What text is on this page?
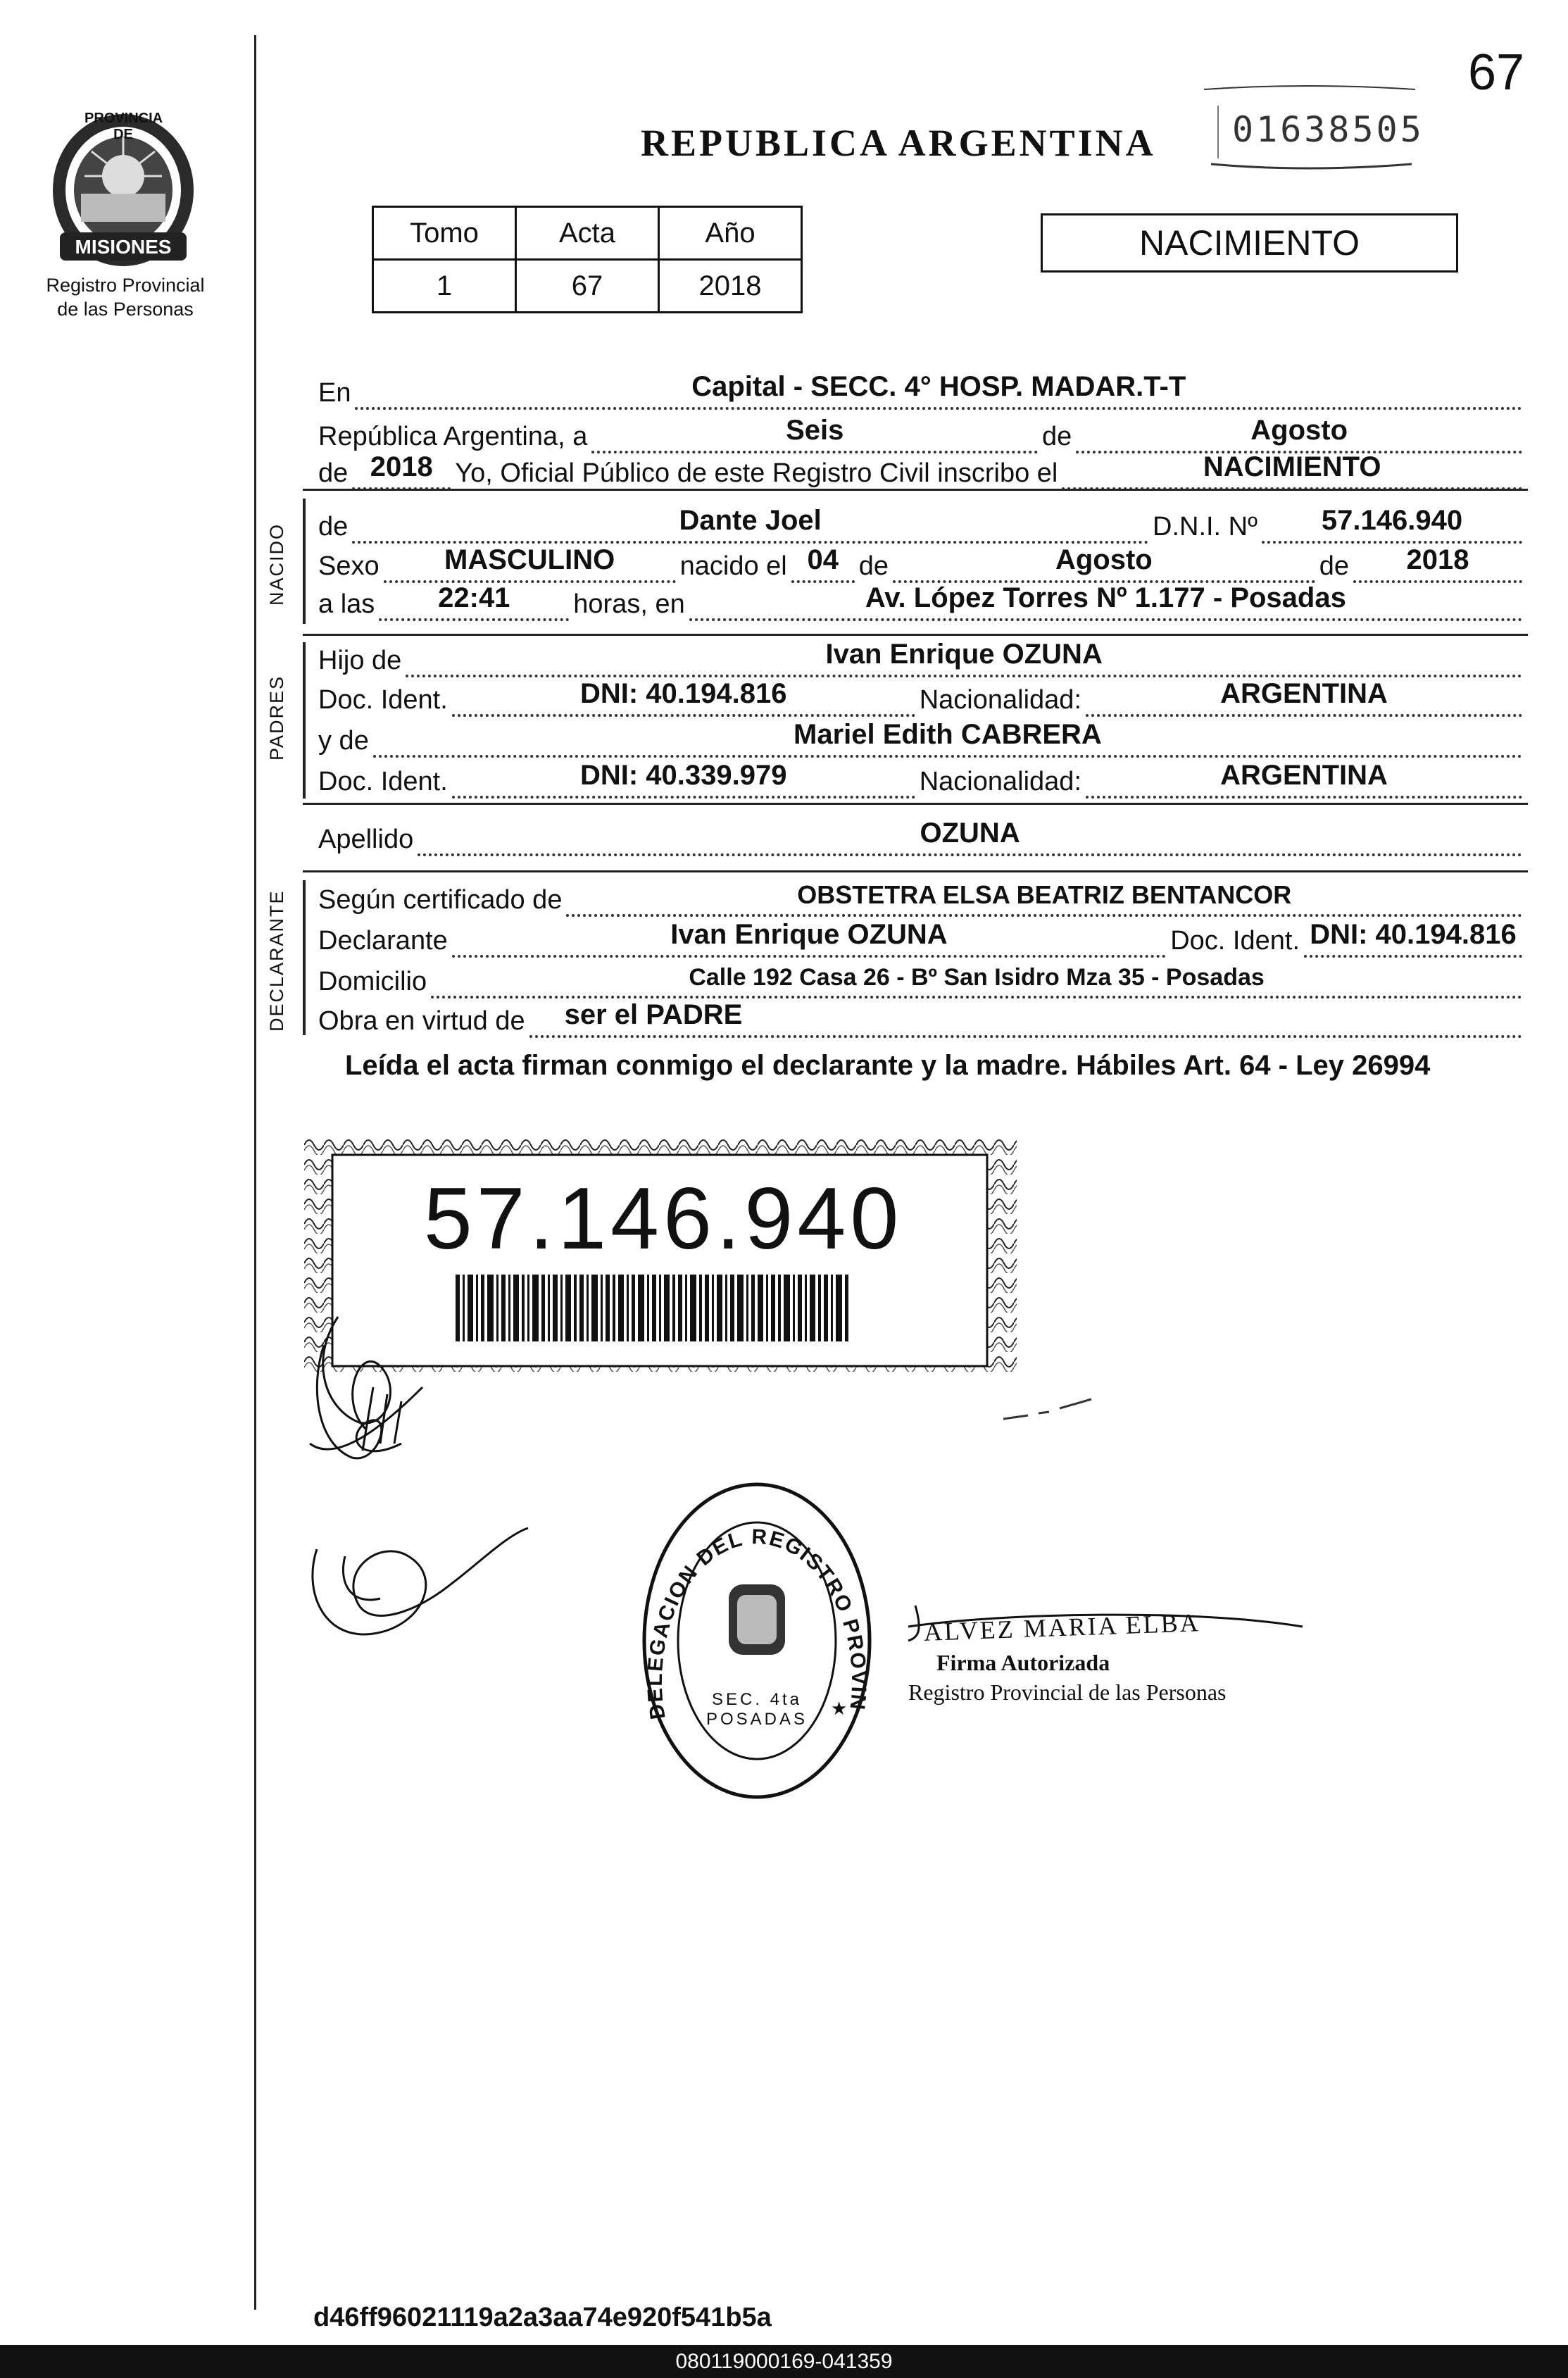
67
01638505
REPUBLICA ARGENTINA
PROVINCIA DE
MISIONES
Registro Provincial
de las Personas
Tomo	Acta	Año
1	67	2018
NACIMIENTO
En	Capital - SECC. 4° HOSP. MADAR.T-T
República Argentina, a	Seis	de	Agosto
de 2018 Yo, Oficial Público de este Registro Civil inscribo el	NACIMIENTO
NACIDO de	Dante Joel	D.N.I. Nº	57.146.940
Sexo	MASCULINO	nacido el 04 de	Agosto	de	2018
a las	22:41	horas, en	Av. López Torres Nº 1.177 - Posadas
PADRES
Hijo de	Ivan Enrique OZUNA
Doc. Ident.	DNI: 40.194.816	Nacionalidad:	ARGENTINA
y de	Mariel Edith CABRERA
Doc. Ident.	DNI: 40.339.979	Nacionalidad:	ARGENTINA
Apellido	OZUNA
DECLARANTE Según certificado de	OBSTETRA ELSA BEATRIZ BENTANCOR
Declarante	Ivan Enrique OZUNA	Doc. Ident. DNI: 40.194.816
Domicilio	Calle 192 Casa 26 - Bº San Isidro Mza 35 - Posadas
Obra en virtud de ser el PADRE
Leída el acta firman conmigo el declarante y la madre. Hábiles Art. 64 - Ley 26994
57.146.940
DELEGACION DEL REGISTRO PROVIN
★
SEC. 4ta POSADAS
ALVEZ MARIA ELBA
Firma Autorizada
Registro Provincial de las Personas
d46ff96021119a2a3aa74e920f541b5a
080119000169-041359
